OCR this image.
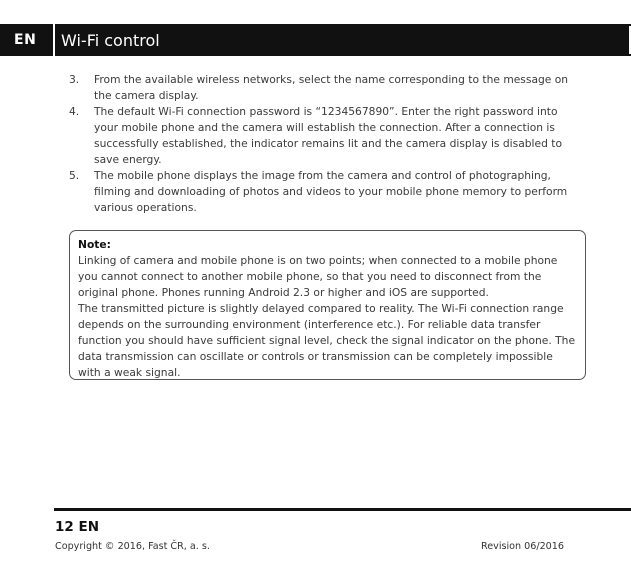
EN Wi-Fi control
3. From the available wireless networks, select the name corresponding to the message on the camera display.
4. The default Wi-Fi connection password is “1234567890”. Enter the right password into your mobile phone and the camera will establish the connection. After a connection is successfully established, the indicator remains lit and the camera display is disabled to save energy.
5. The mobile phone displays the image from the camera and control of photographing, filming and downloading of photos and videos to your mobile phone memory to perform various operations.
Note:
Linking of camera and mobile phone is on two points; when connected to a mobile phone you cannot connect to another mobile phone, so that you need to disconnect from the original phone. Phones running Android 2.3 or higher and iOS are supported.
The transmitted picture is slightly delayed compared to reality. The Wi-Fi connection range depends on the surrounding environment (interference etc.). For reliable data transfer function you should have sufficient signal level, check the signal indicator on the phone. The data transmission can oscillate or controls or transmission can be completely impossible with a weak signal.
12 EN
Copyright © 2016, Fast ČR, a. s.	Revision 06/2016
